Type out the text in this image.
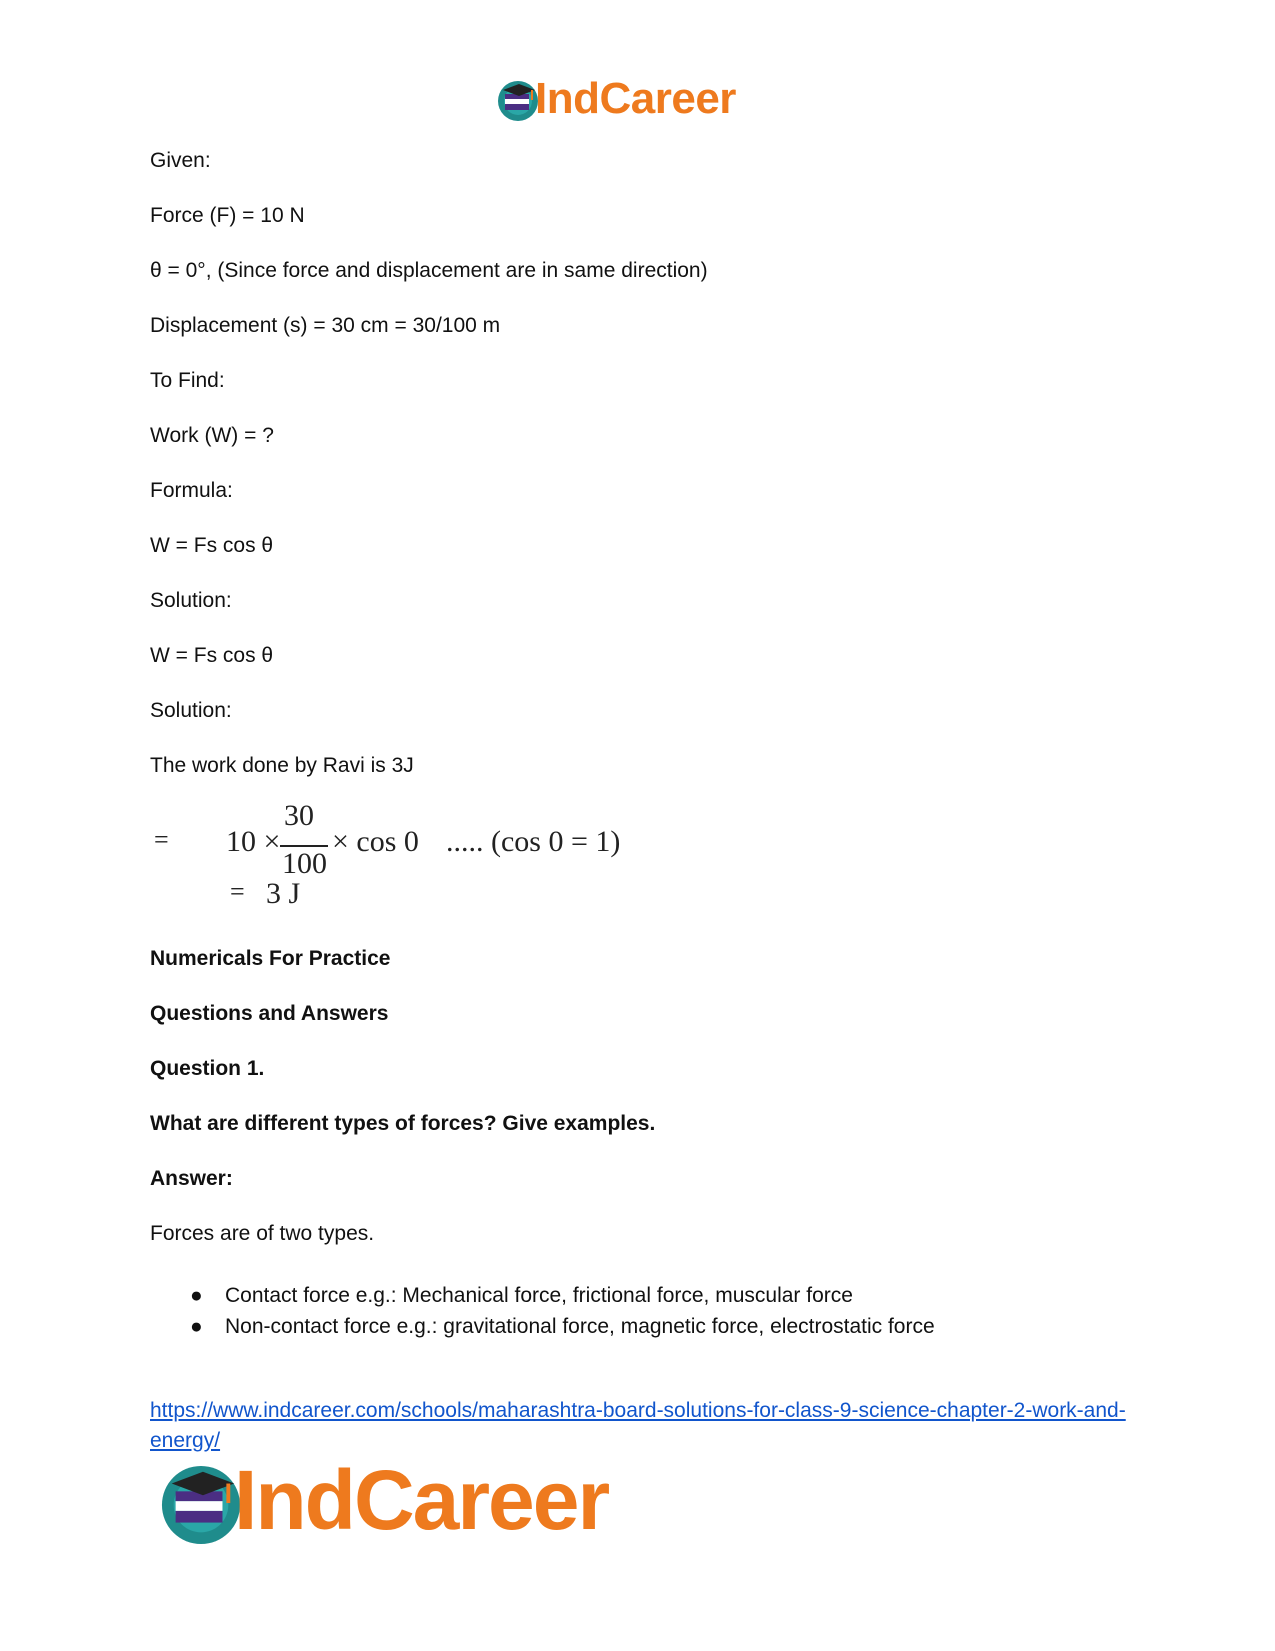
IndCareer
Given:
Force (F) = 10 N
θ = 0°, (Since force and displacement are in same direction)
Displacement (s) = 30 cm = 30/100 m
To Find:
Work (W) = ?
Formula:
W = Fs cos θ
Solution:
W = Fs cos θ
Solution:
The work done by Ravi is 3J
= 10 ×
30
100
× cos 0 ..... (cos 0 = 1)
= 3 J
Numericals For Practice
Questions and Answers
Question 1.
What are different types of forces? Give examples.
Answer:
Forces are of two types.
● Contact force e.g.: Mechanical force, frictional force, muscular force
● Non-contact force e.g.: gravitational force, magnetic force, electrostatic force
https://www.indcareer.com/schools/maharashtra-board-solutions-for-class-9-science-chapter-2-work-and-energy/
IndCareer
